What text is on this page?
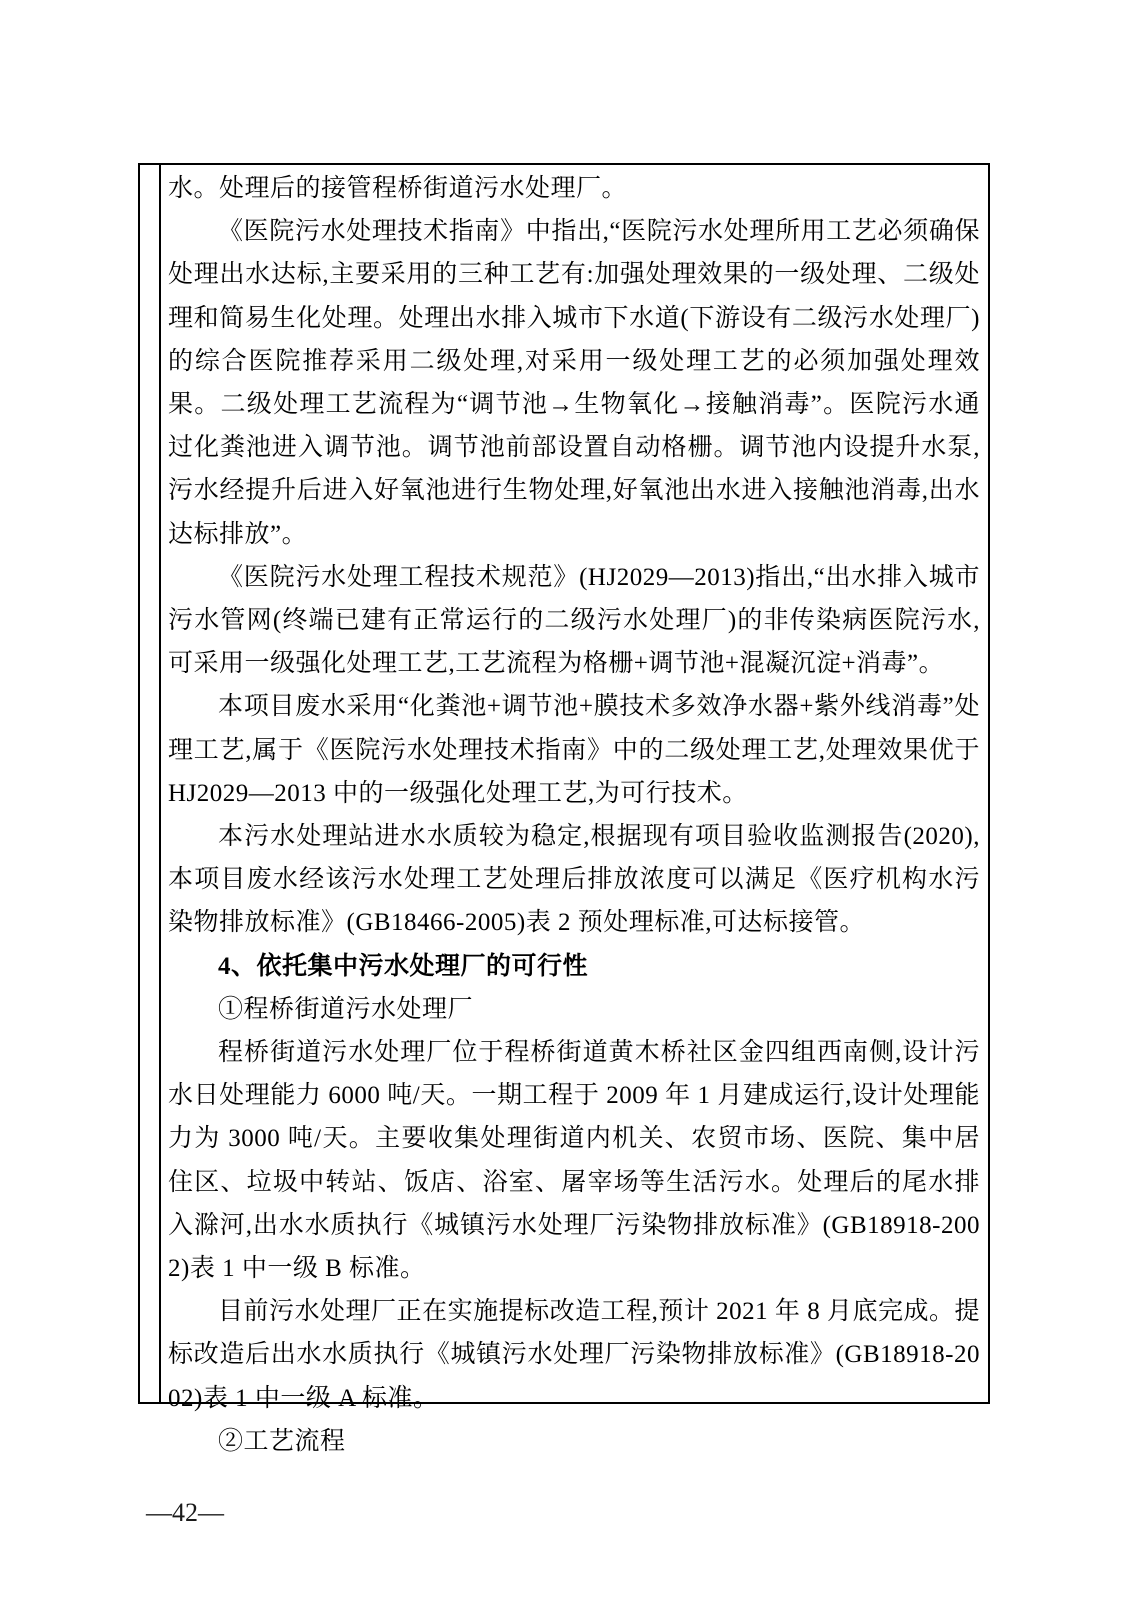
水。处理后的接管程桥街道污水处理厂。
《医院污水处理技术指南》中指出,“医院污水处理所用工艺必须确保处理出水达标,主要采用的三种工艺有:加强处理效果的一级处理、二级处理和简易生化处理。处理出水排入城市下水道(下游设有二级污水处理厂)的综合医院推荐采用二级处理,对采用一级处理工艺的必须加强处理效果。二级处理工艺流程为“调节池→生物氧化→接触消毒”。医院污水通过化粪池进入调节池。调节池前部设置自动格栅。调节池内设提升水泵,污水经提升后进入好氧池进行生物处理,好氧池出水进入接触池消毒,出水达标排放”。
《医院污水处理工程技术规范》(HJ2029—2013)指出,“出水排入城市污水管网(终端已建有正常运行的二级污水处理厂)的非传染病医院污水,可采用一级强化处理工艺,工艺流程为格栅+调节池+混凝沉淀+消毒”。
本项目废水采用“化粪池+调节池+膜技术多效净水器+紫外线消毒”处理工艺,属于《医院污水处理技术指南》中的二级处理工艺,处理效果优于 HJ2029—2013 中的一级强化处理工艺,为可行技术。
本污水处理站进水水质较为稳定,根据现有项目验收监测报告(2020),本项目废水经该污水处理工艺处理后排放浓度可以满足《医疗机构水污染物排放标准》(GB18466-2005)表 2 预处理标准,可达标接管。
4、依托集中污水处理厂的可行性
①程桥街道污水处理厂
程桥街道污水处理厂位于程桥街道黄木桥社区金四组西南侧,设计污水日处理能力 6000 吨/天。一期工程于 2009 年 1 月建成运行,设计处理能力为 3000 吨/天。主要收集处理街道内机关、农贸市场、医院、集中居住区、垃圾中转站、饭店、浴室、屠宰场等生活污水。处理后的尾水排入滁河,出水水质执行《城镇污水处理厂污染物排放标准》(GB18918-2002)表 1 中一级 B 标准。
目前污水处理厂正在实施提标改造工程,预计 2021 年 8 月底完成。提标改造后出水水质执行《城镇污水处理厂污染物排放标准》(GB18918-2002)表 1 中一级 A 标准。
②工艺流程
—42—
